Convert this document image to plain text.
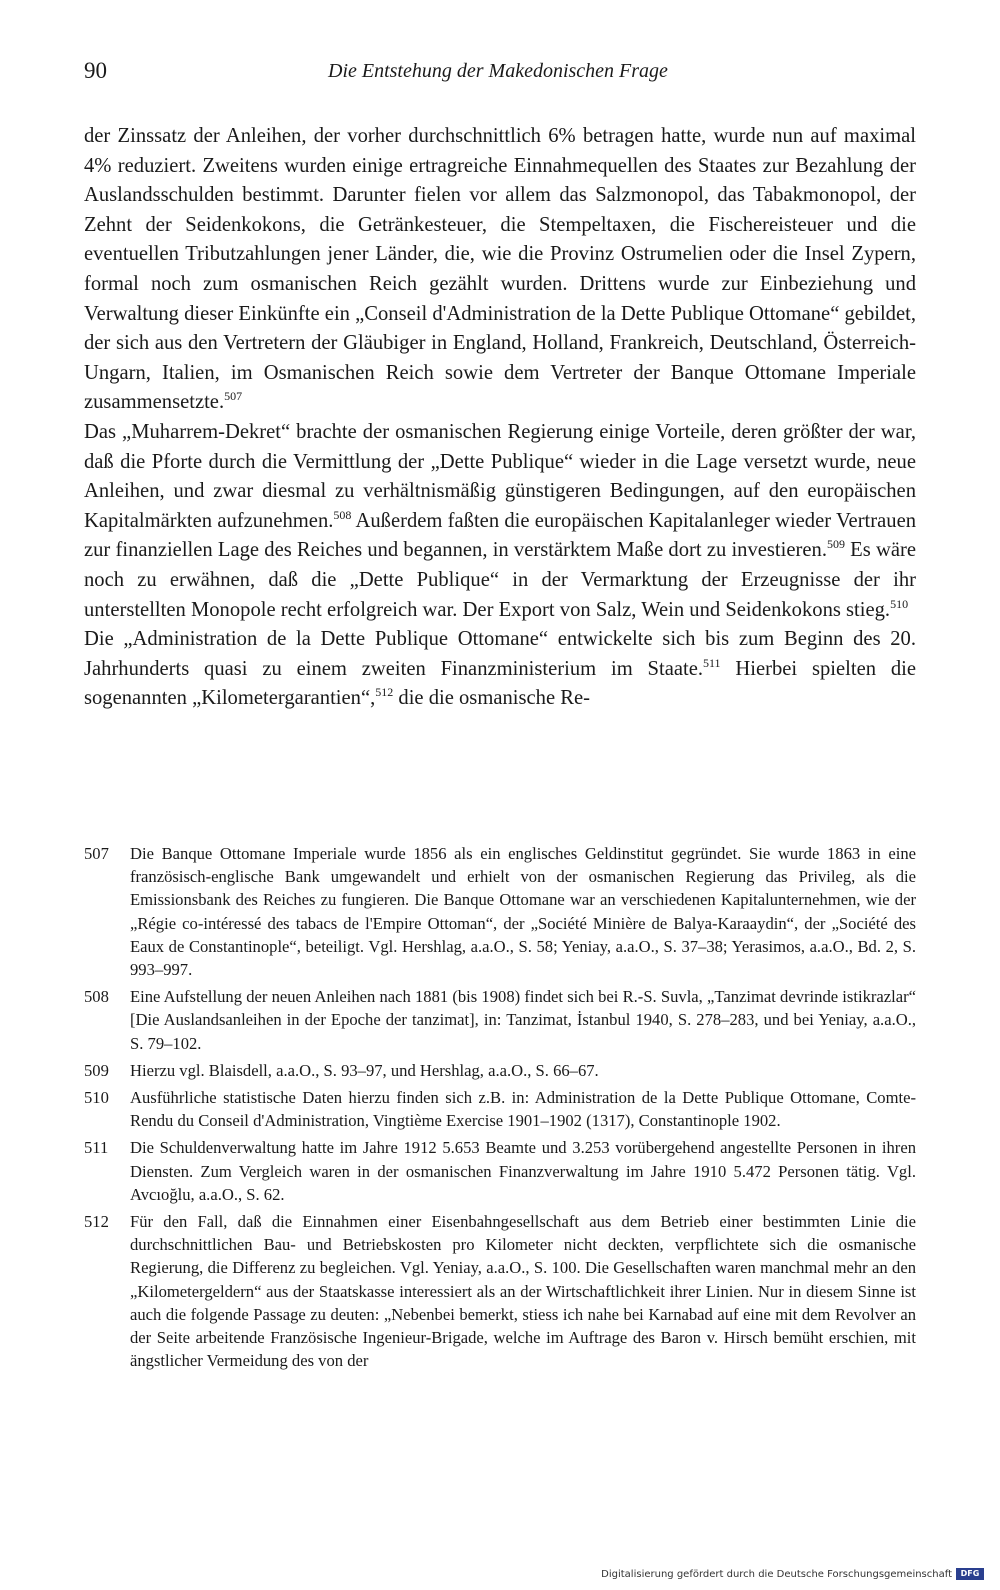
90	Die Entstehung der Makedonischen Frage

der Zinssatz der Anleihen, der vorher durchschnittlich 6% betragen hatte, wurde nun auf maximal 4% reduziert. Zweitens wurden einige ertragreiche Einnahmequellen des Staates zur Bezahlung der Auslandsschulden bestimmt. Darunter fielen vor allem das Salzmonopol, das Tabakmonopol, der Zehnt der Seidenkokons, die Getränkesteuer, die Stempeltaxen, die Fischereisteuer und die eventuellen Tributzahlungen jener Länder, die, wie die Provinz Ostrumelien oder die Insel Zypern, formal noch zum osmanischen Reich gezählt wurden. Drittens wurde zur Einbeziehung und Verwaltung dieser Einkünfte ein „Conseil d'Administration de la Dette Publique Ottomane“ gebildet, der sich aus den Vertretern der Gläubiger in England, Holland, Frankreich, Deutschland, Österreich-Ungarn, Italien, im Osmanischen Reich sowie dem Vertreter der Banque Ottomane Imperiale zusammensetzte.$^{507}$

Das „Muharrem-Dekret“ brachte der osmanischen Regierung einige Vorteile, deren größter der war, daß die Pforte durch die Vermittlung der „Dette Publique“ wieder in die Lage versetzt wurde, neue Anleihen, und zwar diesmal zu verhältnismäßig günstigeren Bedingungen, auf den europäischen Kapitalmärkten aufzunehmen.$^{508}$ Außerdem faßten die europäischen Kapitalanleger wieder Vertrauen zur finanziellen Lage des Reiches und begannen, in verstärktem Maße dort zu investieren.$^{509}$ Es wäre noch zu erwähnen, daß die „Dette Publique“ in der Vermarktung der Erzeugnisse der ihr unterstellten Monopole recht erfolgreich war. Der Export von Salz, Wein und Seidenkokons stieg.$^{510}$

Die „Administration de la Dette Publique Ottomane“ entwickelte sich bis zum Beginn des 20. Jahrhunderts quasi zu einem zweiten Finanzministerium im Staate.$^{511}$ Hierbei spielten die sogenannten „Kilometergarantien“,$^{512}$ die die osmanische Re-

507	Die Banque Ottomane Imperiale wurde 1856 als ein englisches Geldinstitut gegründet. Sie wurde 1863 in eine französisch-englische Bank umgewandelt und erhielt von der osmanischen Regierung das Privileg, als die Emissionsbank des Reiches zu fungieren. Die Banque Ottomane war an verschiedenen Kapitalunternehmen, wie der „Régie co-intéressé des tabacs de l'Empire Ottoman“, der „Société Minière de Balya-Karaaydin“, der „Société des Eaux de Constantinople“, beteiligt. Vgl. Hershlag, a.a.O., S. 58; Yeniay, a.a.O., S. 37–38; Yerasimos, a.a.O., Bd. 2, S. 993–997.
508	Eine Aufstellung der neuen Anleihen nach 1881 (bis 1908) findet sich bei R.-S. Suvla, „Tanzimat devrinde istikrazlar“ [Die Auslandsanleihen in der Epoche der tanzimat], in: Tanzimat, İstanbul 1940, S. 278–283, und bei Yeniay, a.a.O., S. 79–102.
509	Hierzu vgl. Blaisdell, a.a.O., S. 93–97, und Hershlag, a.a.O., S. 66–67.
510	Ausführliche statistische Daten hierzu finden sich z.B. in: Administration de la Dette Publique Ottomane, Comte-Rendu du Conseil d'Administration, Vingtième Exercise 1901–1902 (1317), Constantinople 1902.
511	Die Schuldenverwaltung hatte im Jahre 1912 5.653 Beamte und 3.253 vorübergehend angestellte Personen in ihren Diensten. Zum Vergleich waren in der osmanischen Finanzverwaltung im Jahre 1910 5.472 Personen tätig. Vgl. Avcıoğlu, a.a.O., S. 62.
512	Für den Fall, daß die Einnahmen einer Eisenbahngesellschaft aus dem Betrieb einer bestimmten Linie die durchschnittlichen Bau- und Betriebskosten pro Kilometer nicht deckten, verpflichtete sich die osmanische Regierung, die Differenz zu begleichen. Vgl. Yeniay, a.a.O., S. 100. Die Gesellschaften waren manchmal mehr an den „Kilometergeldern“ aus der Staatskasse interessiert als an der Wirtschaftlichkeit ihrer Linien. Nur in diesem Sinne ist auch die folgende Passage zu deuten: „Nebenbei bemerkt, stiess ich nahe bei Karnabad auf eine mit dem Revolver an der Seite arbeitende Französische Ingenieur-Brigade, welche im Auftrage des Baron v. Hirsch bemüht erschien, mit ängstlicher Vermeidung des von der
Digitalisierung gefördert durch die Deutsche Forschungsgemeinschaft	DFG
